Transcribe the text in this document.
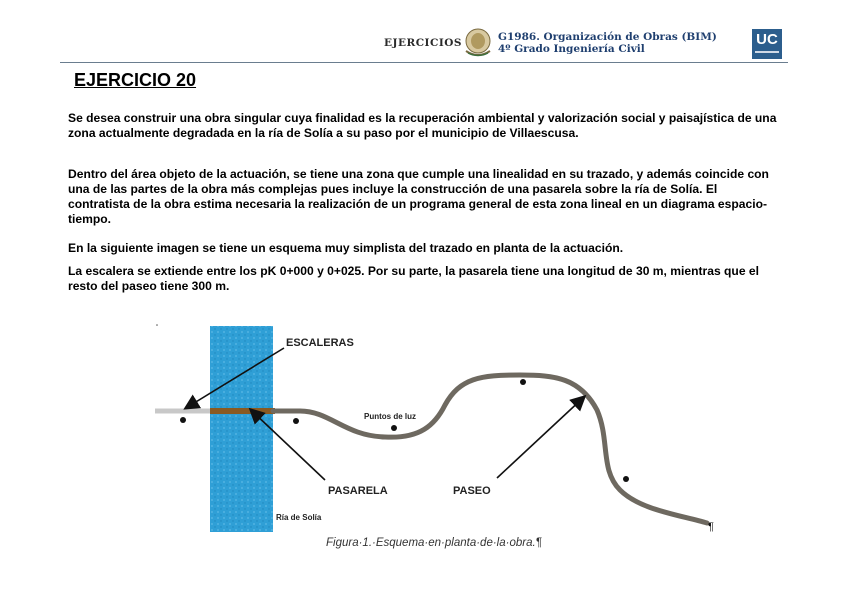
EJERCICIOS	G1986. Organización de Obras (BIM)
4º Grado Ingeniería Civil
UC
EJERCICIO 20
Se desea construir una obra singular cuya finalidad es la recuperación ambiental y valorización social y paisajística de una zona actualmente degradada en la ría de Solía a su paso por el municipio de Villaescusa.
Dentro del área objeto de la actuación, se tiene una zona que cumple una linealidad en su trazado, y además coincide con una de las partes de la obra más complejas pues incluye la construcción de una pasarela sobre la ría de Solía. El contratista de la obra estima necesaria la realización de un programa general de esta zona lineal en un diagrama espacio-tiempo.
En la siguiente imagen se tiene un esquema muy simplista del trazado en planta de la actuación.
La escalera se extiende entre los pK 0+000 y 0+025. Por su parte, la pasarela tiene una longitud de 30 m, mientras que el resto del paseo tiene 300 m.
ESCALERAS
Puntos de luz
PASARELA	PASEO
Ría de Solía
¶
Figura·1.·Esquema·en·planta·de·la·obra.¶
